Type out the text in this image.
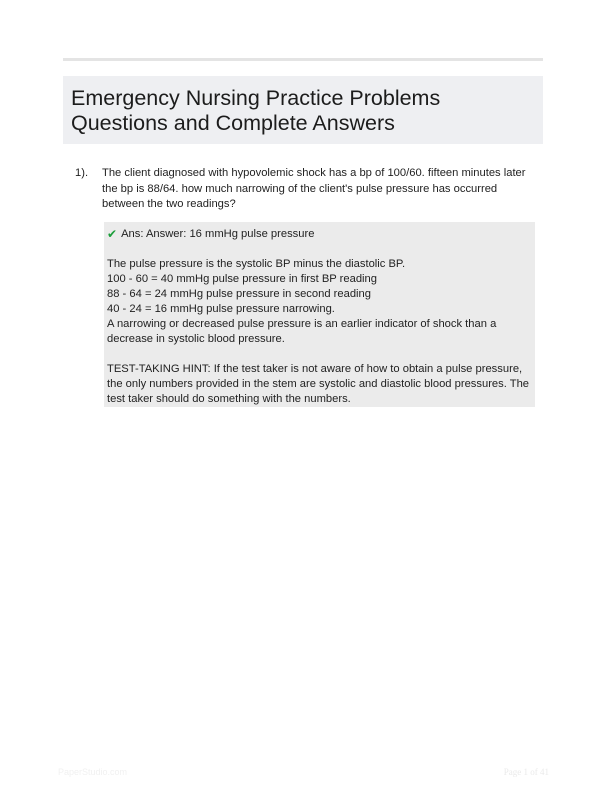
Emergency Nursing Practice Problems
Questions and Complete Answers
1). The client diagnosed with hypovolemic shock has a bp of 100/60. fifteen minutes later the bp is 88/64. how much narrowing of the client's pulse pressure has occurred between the two readings?
✔ Ans: Answer: 16 mmHg pulse pressure

The pulse pressure is the systolic BP minus the diastolic BP.

100 - 60 = 40 mmHg pulse pressure in first BP reading

88 - 64 = 24 mmHg pulse pressure in second reading

40 - 24 = 16 mmHg pulse pressure narrowing.

A narrowing or decreased pulse pressure is an earlier indicator of shock than a decrease in systolic blood pressure.

TEST-TAKING HINT: If the test taker is not aware of how to obtain a pulse pressure, the only numbers provided in the stem are systolic and diastolic blood pressures. The test taker should do something with the numbers.

PaperStudio.com	Page 1 of 41
